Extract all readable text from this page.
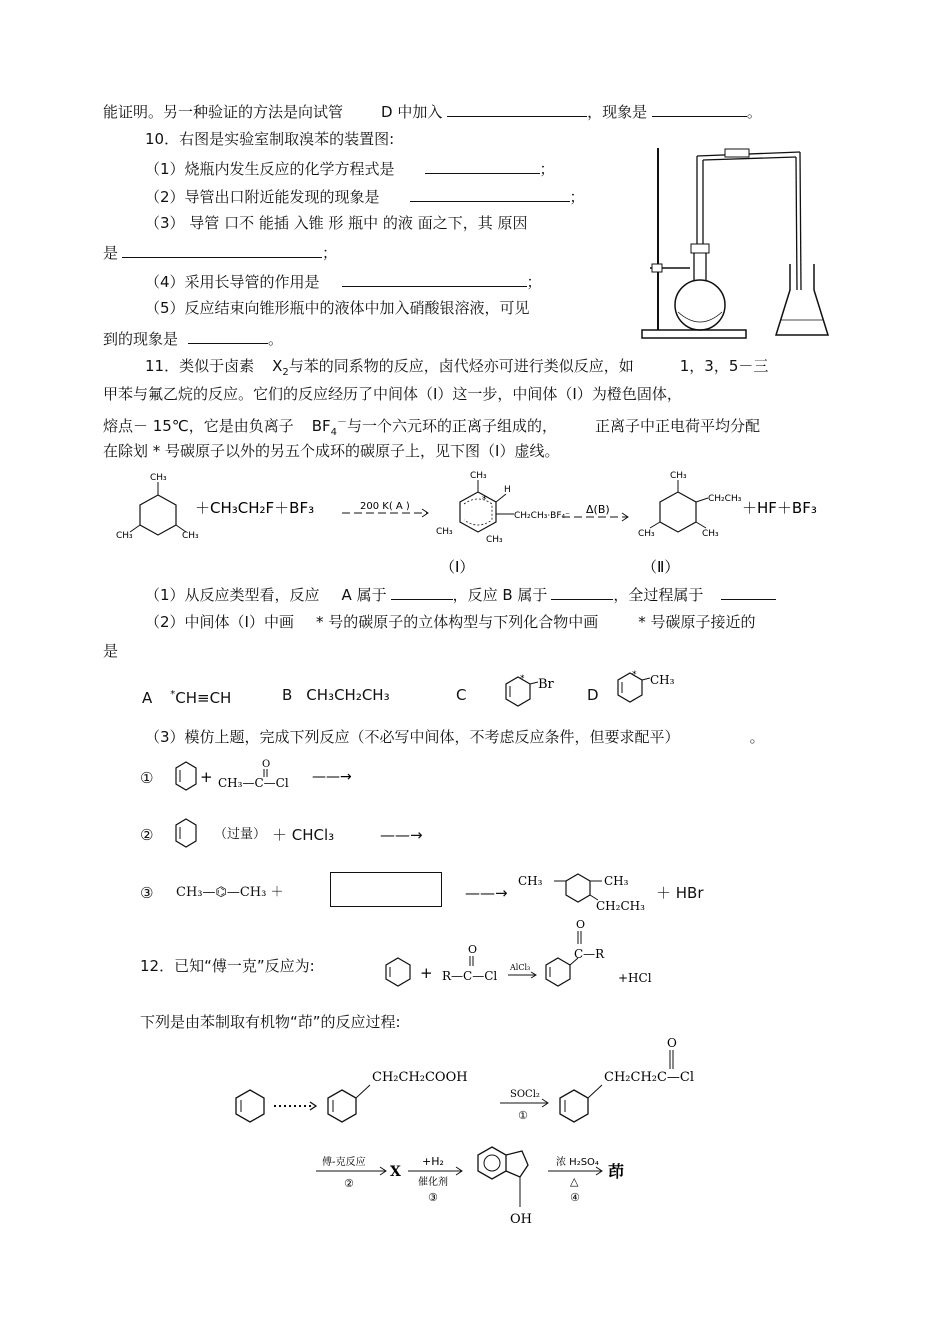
能证明。另一种验证的方法是向试管	D 中加入	，现象是	。
10．右图是实验室制取溴苯的装置图:
（1）烧瓶内发生反应的化学方程式是	；
（2）导管出口附近能发现的现象是	；
（3） 导管 口不 能插 入锥 形 瓶中 的液 面之下，其 原因
是	；
（4）采用长导管的作用是	；
（5）反应结束向锥形瓶中的液体中加入硝酸银溶液，可见
到的现象是	。
11．类似于卤素 $X_2$与苯的同系物的反应，卤代烃亦可进行类似反应，如	1，3，5－三
甲苯与氟乙烷的反应。它们的反应经历了中间体（Ⅰ）这一步，中间体（Ⅰ）为橙色固体，
熔点－ 15℃，它是由负离子 $BF_4^-$与一个六元环的正离子组成的，	正离子中正电荷平均分配
在除划 * 号碳原子以外的另五个成环的碳原子上，见下图（Ⅰ）虚线。
CH₃
CH₃	CH₃
＋CH₃CH₂F＋BF₃	200 K( A )
CH₃
*
H
CH₂CH₃·BF₄⁻
CH₃
CH₃
Δ(B)
CH₃
CH₂CH₃
CH₃
CH₃
＋HF＋BF₃
（Ⅰ）	（Ⅱ）
（1）从反应类型看，反应 A 属于	，反应 B 属于	，全过程属于
（2）中间体（Ⅰ）中画 * 号的碳原子的立体构型与下列化合物中画	* 号碳原子接近的
是
A *CH≡CH	B CH₃CH₂CH₃	C
* Br
D
* CH₃
（3）模仿上题，完成下列反应（不必写中间体，不考虑反应条件，但要求配平）	。
①	+
O
CH₃—C—Cl ——→
②	（过量） ＋ CHCl₃	——→
③ CH₃—⌬—CH₃ ＋	——→
CH₃	CH₃
CH₂CH₃
＋ HBr
12．已知“傅一克”反应为:	+
O
R—C—Cl
AlCl₃
O
C—R
+HCl
下列是由苯制取有机物“茚”的反应过程:
CH₂CH₂COOH
SOCl₂
①
CH₂CH₂C—Cl
O
傅-克反应
②
X
+H₂
催化剂
③
OH
浓 H₂SO₄
△
④
茚
